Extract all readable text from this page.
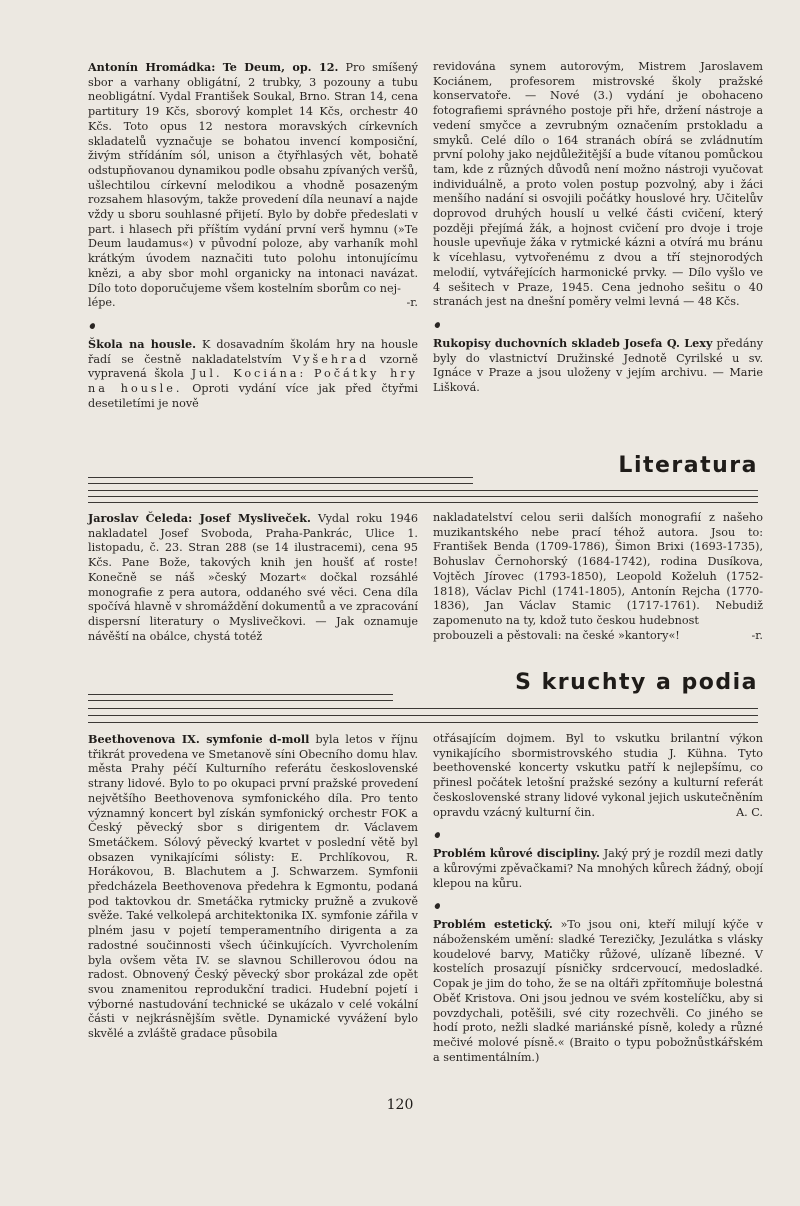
Antonín Hromádka: Te Deum, op. 12. Pro smíšený sbor a varhany obligátní, 2 trubky, 3 pozouny a tubu neobligátní. Vydal František Soukal, Brno. Stran 14, cena partitury 19 Kčs, sborový komplet 14 Kčs, orchestr 40 Kčs. Toto opus 12 nestora moravských církevních skladatelů vyznačuje se bohatou invencí komposiční, živým střídáním sól, unison a čtyřhlasých vět, bohatě odstupňovanou dynamikou podle obsahu zpívaných veršů, ušlechtilou církevní melodikou a vhodně posazeným rozsahem hlasovým, takže provedení díla neunaví a najde vždy u sboru souhlasné přijetí. Bylo by dobře předeslati v part. i hlasech při příštím vydání první verš hymnu (»Te Deum laudamus«) v původní poloze, aby varhaník mohl krátkým úvodem naznačiti tuto polohu intonujícímu knězi, a aby sbor mohl organicky na intonaci navázat. Dílo toto doporučujeme všem kostelním sborům co nej-

lépe.	-r.

Škola na housle. K dosavadním školám hry na housle řadí se čestně nakladatelstvím Vyšehrad vzorně vypravená škola Jul. Kociána: Počátky hry na housle. Oproti vydání více jak před čtyřmi desetiletími je nově

revidována synem autorovým, Mistrem Jaroslavem Kociánem, profesorem mistrovské školy pražské konservatoře. — Nové (3.) vydání je obohaceno fotografiemi správného postoje při hře, držení nástroje a vedení smyčce a zevrubným označením prstokladu a smyků. Celé dílo o 164 stranách obírá se zvládnutím první polohy jako nejdůležitější a bude vítanou pomůckou tam, kde z různých důvodů není možno nástroji vyučovat individuálně, a proto volen postup pozvolný, aby i žáci menšího nadání si osvojili počátky houslové hry. Učitelův doprovod druhých houslí u velké části cvičení, který později přejímá žák, a hojnost cvičení pro dvoje i troje housle upevňuje žáka v rytmické kázni a otvírá mu bránu k vícehlasu, vytvořenému z dvou a tří stejnorodých melodií, vytvářejících harmonické prvky. — Dílo vyšlo ve 4 sešitech v Praze, 1945. Cena jednoho sešitu o 40 stranách jest na dnešní poměry velmi levná — 48 Kčs.

Rukopisy duchovních skladeb Josefa Q. Lexy předány byly do vlastnictví Družinské Jednotě Cyrilské u sv. Ignáce v Praze a jsou uloženy v jejím archivu. — Marie Lišková.

Literatura

Jaroslav Čeleda: Josef Mysliveček. Vydal roku 1946 nakladatel Josef Svoboda, Praha-Pankrác, Ulice 1. listopadu, č. 23. Stran 288 (se 14 ilustracemi), cena 95 Kčs. Pane Bože, takových knih jen houšť ať roste! Konečně se náš »český Mozart« dočkal rozsáhlé monografie z pera autora, oddaného své věci. Cena díla spočívá hlavně v shromáždění dokumentů a ve zpracování dispersní literatury o Myslivečkovi. — Jak oznamuje návěští na obálce, chystá totéž

nakladatelství celou serii dalších monografií z našeho muzikantského nebe prací téhož autora. Jsou to: František Benda (1709-1786), Šimon Brixi (1693-1735), Bohuslav Černohorský (1684-1742), rodina Dusíkova, Vojtěch Jírovec (1793-1850), Leopold Koželuh (1752-1818), Václav Pichl (1741-1805), Antonín Rejcha (1770-1836), Jan Václav Stamic (1717-1761). Nebudiž zapomenuto na ty, kdož tuto českou hudebnost

probouzeli a pěstovali: na české »kantory«!	-r.

S kruchty a podia

Beethovenova IX. symfonie d-moll byla letos v říjnu třikrát provedena ve Smetanově síni Obecního domu hlav. města Prahy péčí Kulturního referátu československé strany lidové. Bylo to po okupaci první pražské provedení největšího Beethovenova symfonického díla. Pro tento významný koncert byl získán symfonický orchestr FOK a Český pěvecký sbor s dirigentem dr. Václavem Smetáčkem. Sólový pěvecký kvartet v poslední větě byl obsazen vynikajícími sólisty: E. Prchlíkovou, R. Horákovou, B. Blachutem a J. Schwarzem. Symfonii předcházela Beethovenova předehra k Egmontu, podaná pod taktovkou dr. Smetáčka rytmicky pružně a zvukově svěže. Také velkolepá architektonika IX. symfonie zářila v plném jasu v pojetí temperamentního dirigenta a za radostné součinnosti všech účinkujících. Vyvrcholením byla ovšem věta IV. se slavnou Schillerovou ódou na radost. Obnovený Český pěvecký sbor prokázal zde opět svou znamenitou reprodukční tradici. Hudební pojetí i výborné nastudování technické se ukázalo v celé vokální části v nejkrásnějším světle. Dynamické vyvážení bylo skvělé a zvláště gradace působila

otřásajícím dojmem. Byl to vskutku brilantní výkon vynikajícího sbormistrovského studia J. Kühna. Tyto beethovenské koncerty vskutku patří k nejlepšímu, co přinesl počátek letošní pražské sezóny a kulturní referát československé strany lidové vykonal jejich uskutečněním opravdu vzácný kulturní čin.	A. C.

Problém kůrové discipliny. Jaký prý je rozdíl mezi datly a kůrovými zpěvačkami? Na mnohých kůrech žádný, obojí klepou na kůru.

Problém estetický. »To jsou oni, kteří milují kýče v náboženském umění: sladké Terezičky, Jezulátka s vlásky koudelové barvy, Matičky růžové, ulízaně líbezné. V kostelích prosazují písničky srdcervoucí, medosladké. Copak je jim do toho, že se na oltáři zpřítomňuje bolestná Oběť Kristova. Oni jsou jednou ve svém kostelíčku, aby si povzdychali, potěšili, své city rozechvěli. Co jiného se hodí proto, nežli sladké mariánské písně, koledy a různé mečivé molové písně.« (Braito o typu pobožnůstkářském a sentimentálním.)

120
